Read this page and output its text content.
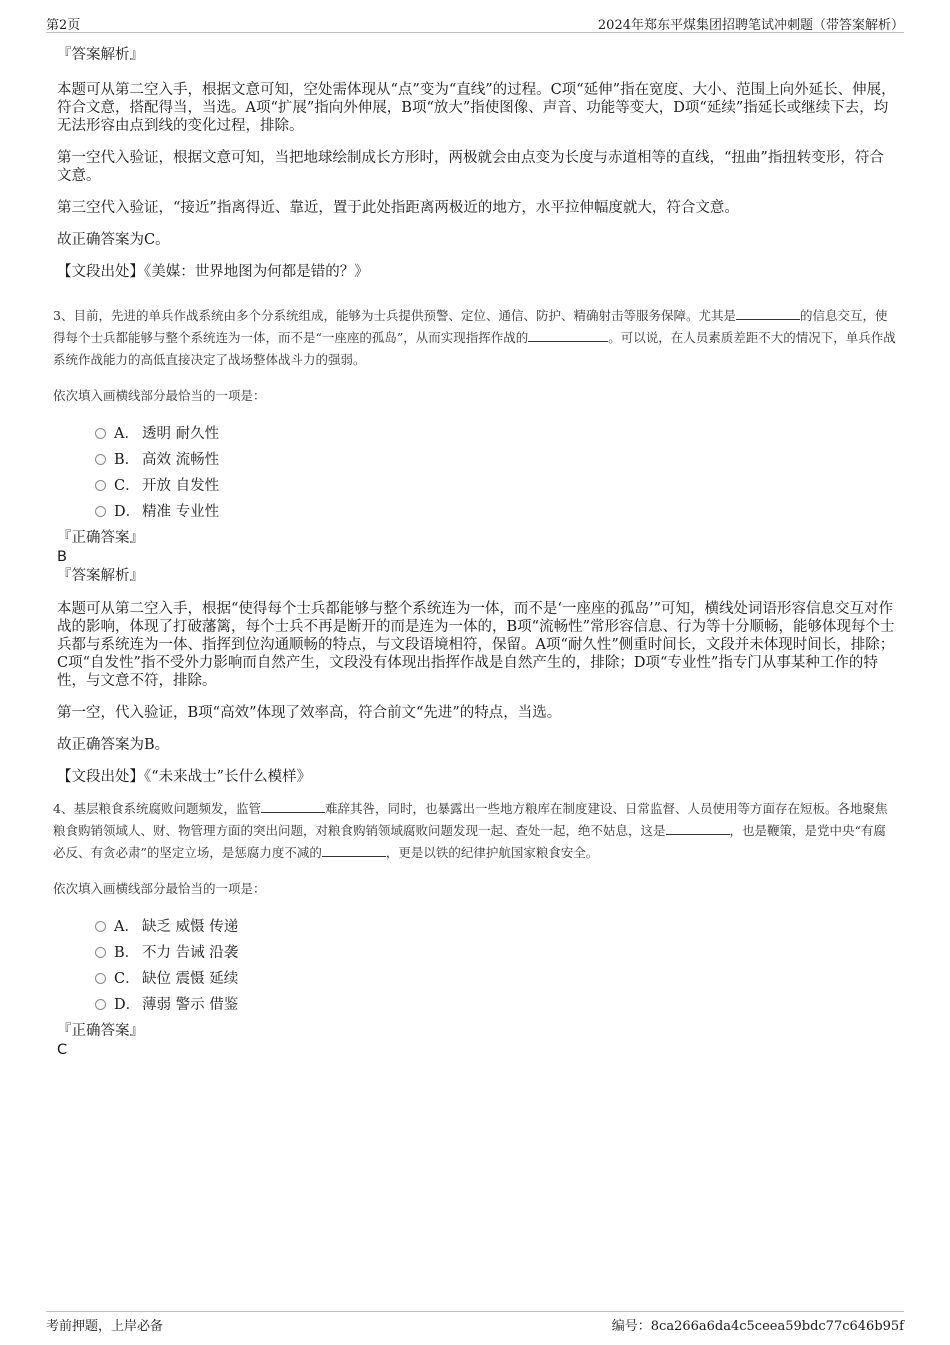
第2页	2024年郑东平煤集团招聘笔试冲刺题（带答案解析）
『答案解析』
本题可从第二空入手，根据文意可知，空处需体现从“点”变为“直线”的过程。C项“延伸”指在宽度、大小、范围上向外延长、伸展，符合文意，搭配得当，当选。A项“扩展”指向外伸展，B项“放大”指使图像、声音、功能等变大，D项“延续”指延长或继续下去，均无法形容由点到线的变化过程，排除。
第一空代入验证，根据文意可知，当把地球绘制成长方形时，两极就会由点变为长度与赤道相等的直线，“扭曲”指扭转变形，符合文意。
第三空代入验证，“接近”指离得近、靠近，置于此处指距离两极近的地方，水平拉伸幅度就大，符合文意。
故正确答案为C。
【文段出处】《美媒：世界地图为何都是错的？》
3、目前，先进的单兵作战系统由多个分系统组成，能够为士兵提供预警、定位、通信、防护、精确射击等服务保障。尤其是	的信息交互，使得每个士兵都能够与整个系统连为一体，而不是“一座座的孤岛”，从而实现指挥作战的	。可以说，在人员素质差距不大的情况下，单兵作战系统作战能力的高低直接决定了战场整体战斗力的强弱。
依次填入画横线部分最恰当的一项是：
A． 透明 耐久性
B． 高效 流畅性
C． 开放 自发性
D． 精准 专业性
『正确答案』
B
『答案解析』
本题可从第二空入手，根据“使得每个士兵都能够与整个系统连为一体，而不是‘一座座的孤岛’”可知，横线处词语形容信息交互对作战的影响，体现了打破藩篱，每个士兵不再是断开的而是连为一体的，B项“流畅性”常形容信息、行为等十分顺畅，能够体现每个士兵都与系统连为一体、指挥到位沟通顺畅的特点，与文段语境相符，保留。A项“耐久性”侧重时间长，文段并未体现时间长，排除；C项“自发性”指不受外力影响而自然产生，文段没有体现出指挥作战是自然产生的，排除；D项“专业性”指专门从事某种工作的特性，与文意不符，排除。
第一空，代入验证，B项“高效”体现了效率高，符合前文“先进”的特点，当选。
故正确答案为B。
【文段出处】《“未来战士”长什么模样》
4、基层粮食系统腐败问题频发，监管	难辞其咎，同时，也暴露出一些地方粮库在制度建设、日常监督、人员使用等方面存在短板。各地聚焦粮食购销领域人、财、物管理方面的突出问题，对粮食购销领域腐败问题发现一起、查处一起，绝不姑息，这是	，也是鞭策，是党中央“有腐必反、有贪必肃”的坚定立场，是惩腐力度不减的	，更是以铁的纪律护航国家粮食安全。
依次填入画横线部分最恰当的一项是：
A． 缺乏 威慑 传递
B． 不力 告诫 沿袭
C． 缺位 震慑 延续
D． 薄弱 警示 借鉴
『正确答案』
C
考前押题，上岸必备	编号：8ca266a6da4c5ceea59bdc77c646b95f
